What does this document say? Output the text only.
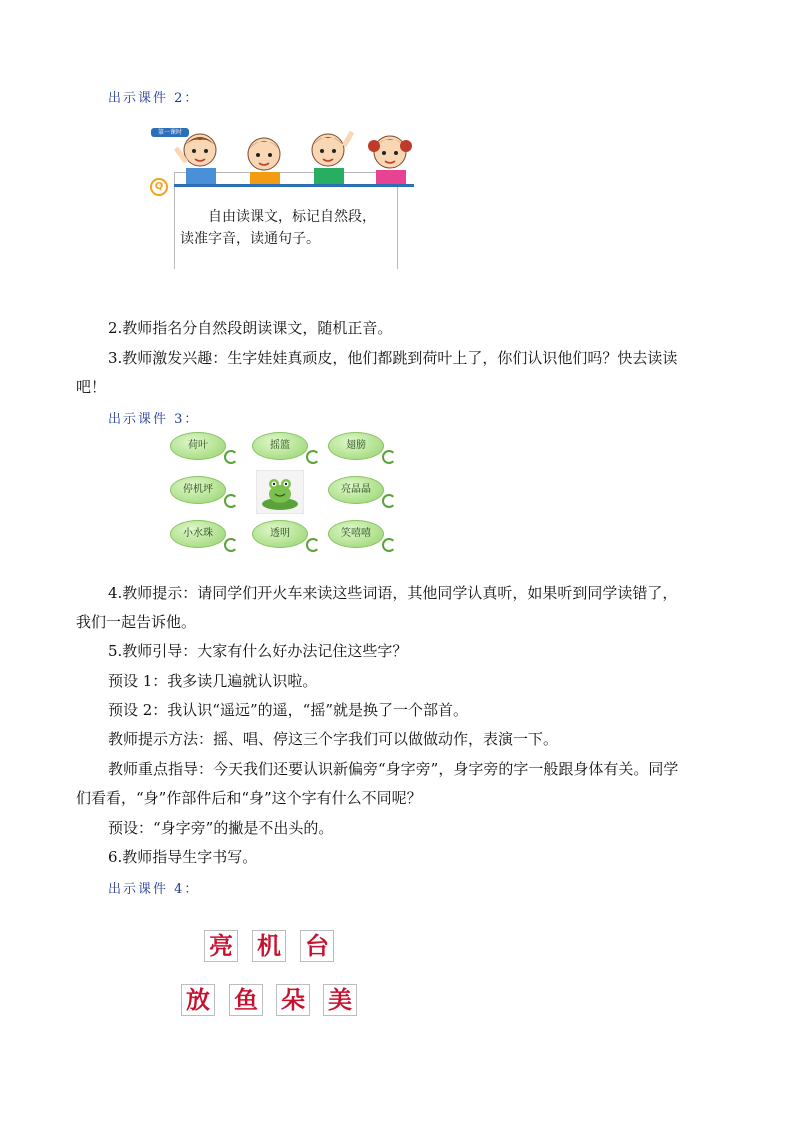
出示课件 2：
第一课时
Q
自由读课文，标记自然段，
读准字音，读通句子。
2.教师指名分自然段朗读课文，随机正音。
3.教师激发兴趣：生字娃娃真顽皮，他们都跳到荷叶上了，你们认识他们吗？快去读读
吧！
出示课件 3：
荷叶	摇篮	翅膀
停机坪	亮晶晶
小水珠	透明	笑嘻嘻
4.教师提示：请同学们开火车来读这些词语，其他同学认真听，如果听到同学读错了，
我们一起告诉他。
5.教师引导：大家有什么好办法记住这些字？
预设 1：我多读几遍就认识啦。
预设 2：我认识“遥远”的遥，“摇”就是换了一个部首。
教师提示方法：摇、唱、停这三个字我们可以做做动作，表演一下。
教师重点指导：今天我们还要认识新偏旁“身字旁”，身字旁的字一般跟身体有关。同学
们看看，“身”作部件后和“身”这个字有什么不同呢？
预设：“身字旁”的撇是不出头的。
6.教师指导生字书写。
出示课件 4：
亮 机 台
放 鱼 朵 美
